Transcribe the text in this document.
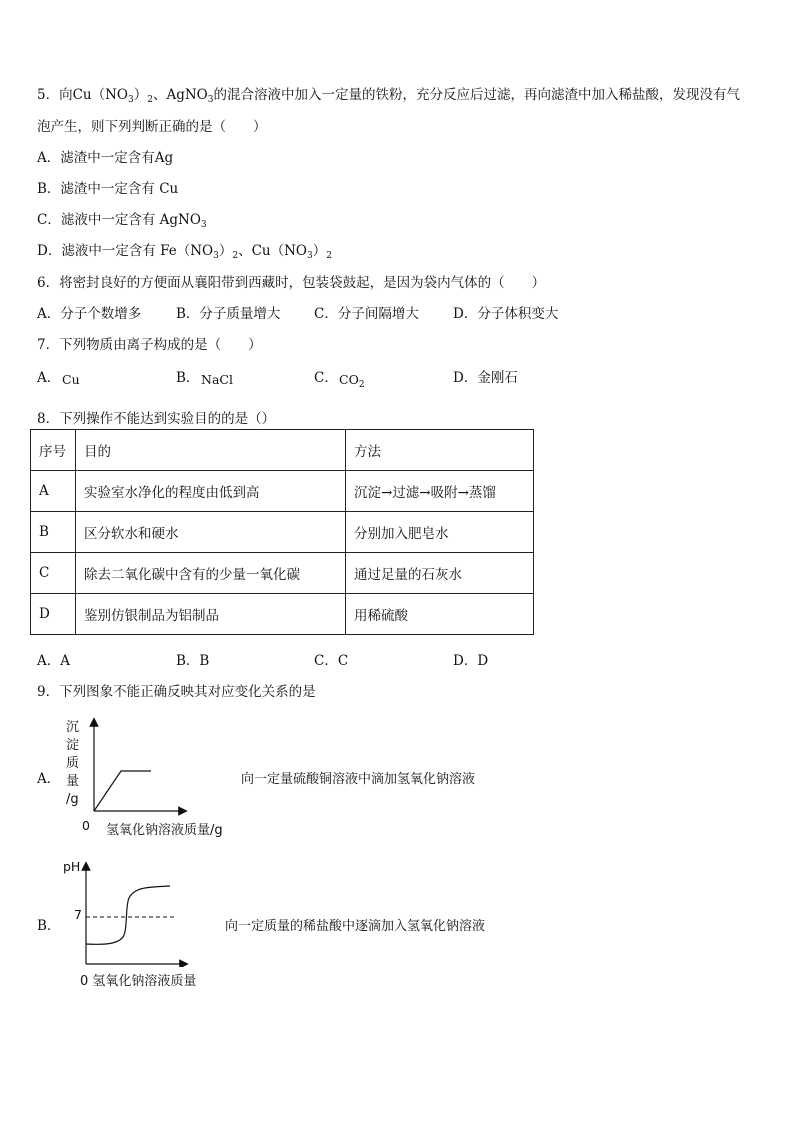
5．向$Cu(NO_3)_2$、AgNO$_3$的混合溶液中加入一定量的铁粉，充分反应后过滤，再向滤渣中加入稀盐酸，发现没有气
泡产生，则下列判断正确的是（　　）
A．滤渣中一定含有Ag
B．滤渣中一定含有 Cu
C．滤液中一定含有 AgNO$_3$
D．滤液中一定含有 $Fe(NO_3)_2$、$Cu(NO_3)_2$
6．将密封良好的方便面从襄阳带到西藏时，包装袋鼓起，是因为袋内气体的（　　）
A．分子个数增多	B．分子质量增大 C．分子间隔增大	D．分子体积变大
7．下列物质由离子构成的是（　　）
A． Cu	B． NaCl	C． $CO_2$	D．金刚石
8．下列操作不能达到实验目的的是（）
序号	目的	方法
A	实验室水净化的程度由低到高	沉淀→过滤→吸附→蒸馏
B	区分软水和硬水	分别加入肥皂水
C	除去二氧化碳中含有的少量一氧化碳	通过足量的石灰水
D	鉴别仿银制品为铝制品	用稀硫酸
A．A	B．B	C．C	D．D
9．下列图象不能正确反映其对应变化关系的是
A．
沉
淀
质
量
/g
0 氢氧化钠溶液质量/g
向一定量硫酸铜溶液中滴加氢氧化钠溶液
B．
pH
7
0 氢氧化钠溶液质量
向一定质量的稀盐酸中逐滴加入氢氧化钠溶液
